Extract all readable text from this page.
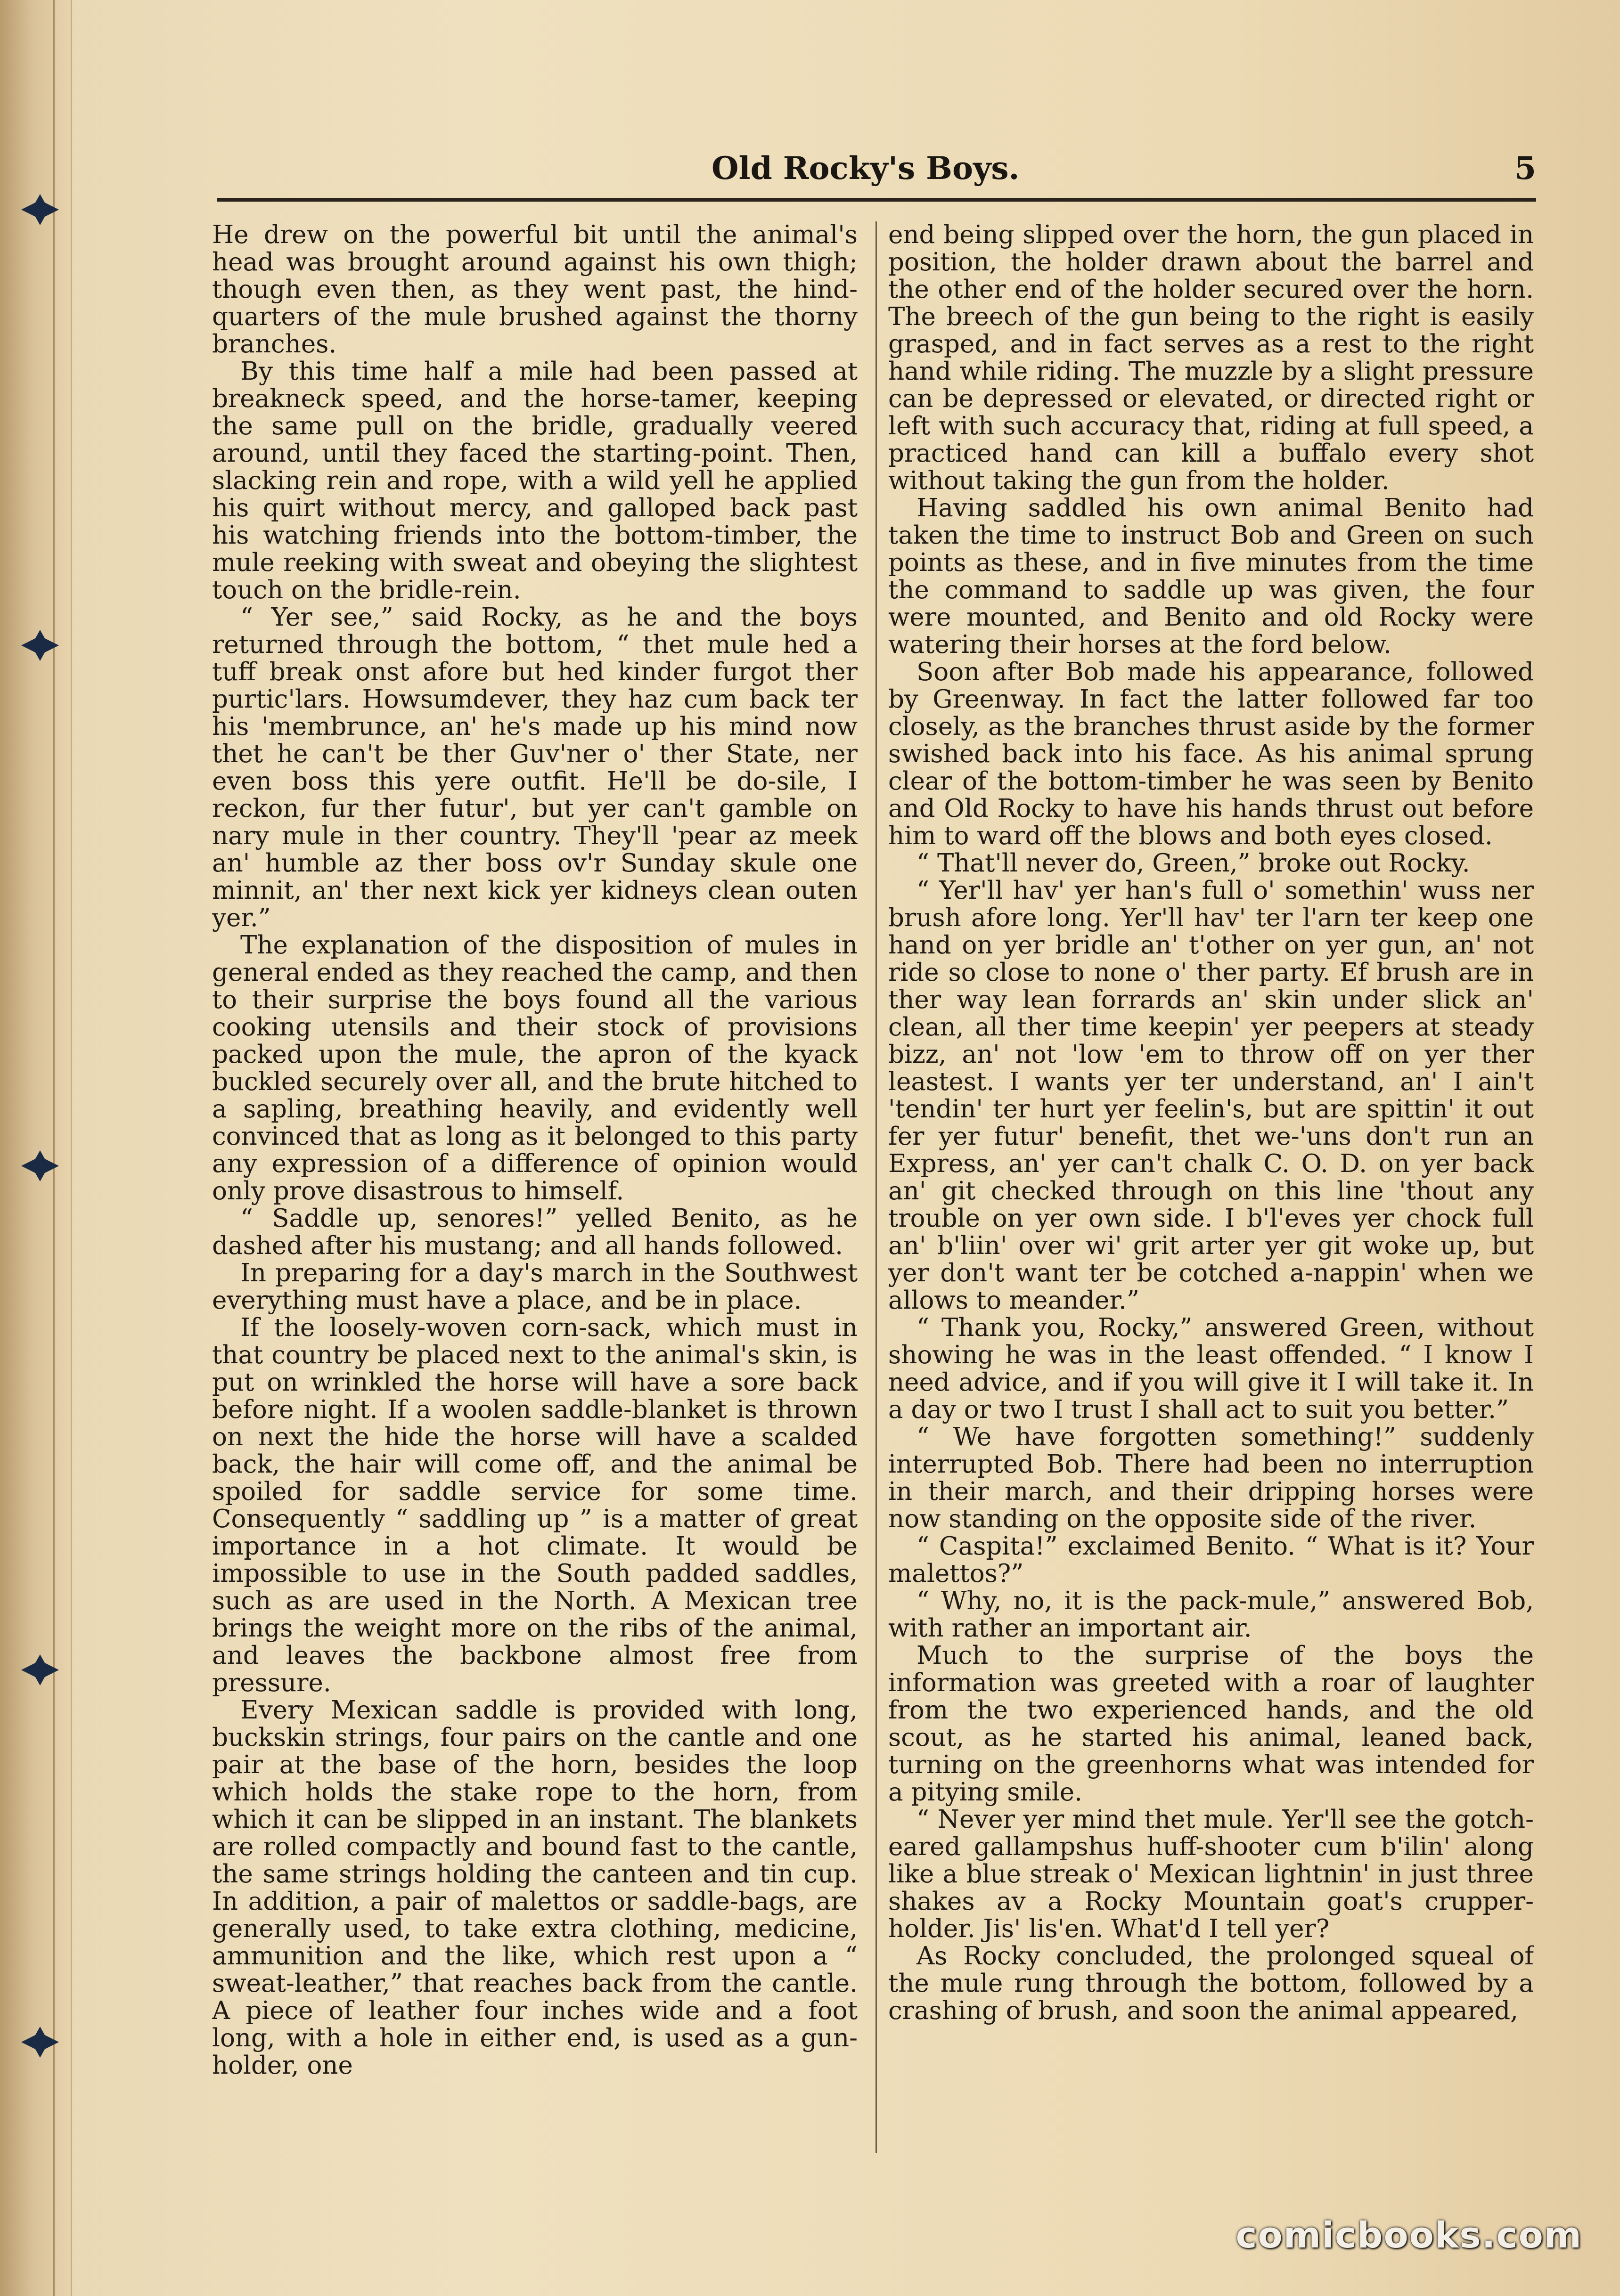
Old Rocky's Boys.	5

He drew on the powerful bit until the animal's head was brought around against his own thigh; though even then, as they went past, the hind-quarters of the mule brushed against the thorny branches.

By this time half a mile had been passed at breakneck speed, and the horse-tamer, keeping the same pull on the bridle, gradually veered around, until they faced the starting-point. Then, slacking rein and rope, with a wild yell he applied his quirt without mercy, and galloped back past his watching friends into the bottom-timber, the mule reeking with sweat and obeying the slightest touch on the bridle-rein.

“ Yer see,” said Rocky, as he and the boys returned through the bottom, “ thet mule hed a tuff break onst afore but hed kinder furgot ther purtic'lars. Howsumdever, they haz cum back ter his 'membrunce, an' he's made up his mind now thet he can't be ther Guv'ner o' ther State, ner even boss this yere outfit. He'll be do-sile, I reckon, fur ther futur', but yer can't gamble on nary mule in ther country. They'll 'pear az meek an' humble az ther boss ov'r Sunday skule one minnit, an' ther next kick yer kidneys clean outen yer.”

The explanation of the disposition of mules in general ended as they reached the camp, and then to their surprise the boys found all the various cooking utensils and their stock of provisions packed upon the mule, the apron of the kyack buckled securely over all, and the brute hitched to a sapling, breathing heavily, and evidently well convinced that as long as it belonged to this party any expression of a difference of opinion would only prove disastrous to himself.

“ Saddle up, senores!” yelled Benito, as he dashed after his mustang; and all hands followed.

In preparing for a day's march in the Southwest everything must have a place, and be in place.

If the loosely-woven corn-sack, which must in that country be placed next to the animal's skin, is put on wrinkled the horse will have a sore back before night. If a woolen saddle-blanket is thrown on next the hide the horse will have a scalded back, the hair will come off, and the animal be spoiled for saddle service for some time. Consequently “ saddling up ” is a matter of great importance in a hot climate. It would be impossible to use in the South padded saddles, such as are used in the North. A Mexican tree brings the weight more on the ribs of the animal, and leaves the backbone almost free from pressure.

Every Mexican saddle is provided with long, buckskin strings, four pairs on the cantle and one pair at the base of the horn, besides the loop which holds the stake rope to the horn, from which it can be slipped in an instant. The blankets are rolled compactly and bound fast to the cantle, the same strings holding the canteen and tin cup. In addition, a pair of malettos or saddle-bags, are generally used, to take extra clothing, medicine, ammunition and the like, which rest upon a “ sweat-leather,” that reaches back from the cantle. A piece of leather four inches wide and a foot long, with a hole in either end, is used as a gun-holder, one

end being slipped over the horn, the gun placed in position, the holder drawn about the barrel and the other end of the holder secured over the horn. The breech of the gun being to the right is easily grasped, and in fact serves as a rest to the right hand while riding. The muzzle by a slight pressure can be depressed or elevated, or directed right or left with such accuracy that, riding at full speed, a practiced hand can kill a buffalo every shot without taking the gun from the holder.

Having saddled his own animal Benito had taken the time to instruct Bob and Green on such points as these, and in five minutes from the time the command to saddle up was given, the four were mounted, and Benito and old Rocky were watering their horses at the ford below.

Soon after Bob made his appearance, followed by Greenway. In fact the latter followed far too closely, as the branches thrust aside by the former swished back into his face. As his animal sprung clear of the bottom-timber he was seen by Benito and Old Rocky to have his hands thrust out before him to ward off the blows and both eyes closed.

“ That'll never do, Green,” broke out Rocky.

“ Yer'll hav' yer han's full o' somethin' wuss ner brush afore long. Yer'll hav' ter l'arn ter keep one hand on yer bridle an' t'other on yer gun, an' not ride so close to none o' ther party. Ef brush are in ther way lean forrards an' skin under slick an' clean, all ther time keepin' yer peepers at steady bizz, an' not 'low 'em to throw off on yer ther leastest. I wants yer ter understand, an' I ain't 'tendin' ter hurt yer feelin's, but are spittin' it out fer yer futur' benefit, thet we-'uns don't run an Express, an' yer can't chalk C. O. D. on yer back an' git checked through on this line 'thout any trouble on yer own side. I b'l'eves yer chock full an' b'liin' over wi' grit arter yer git woke up, but yer don't want ter be cotched a-nappin' when we allows to meander.”

“ Thank you, Rocky,” answered Green, without showing he was in the least offended. “ I know I need advice, and if you will give it I will take it. In a day or two I trust I shall act to suit you better.”

“ We have forgotten something!” suddenly interrupted Bob. There had been no interruption in their march, and their dripping horses were now standing on the opposite side of the river.

“ Caspita!” exclaimed Benito. “ What is it? Your malettos?”

“ Why, no, it is the pack-mule,” answered Bob, with rather an important air.

Much to the surprise of the boys the information was greeted with a roar of laughter from the two experienced hands, and the old scout, as he started his animal, leaned back, turning on the greenhorns what was intended for a pitying smile.

“ Never yer mind thet mule. Yer'll see the gotch-eared gallampshus huff-shooter cum b'ilin' along like a blue streak o' Mexican lightnin' in just three shakes av a Rocky Mountain goat's crupper-holder. Jis' lis'en. What'd I tell yer?

As Rocky concluded, the prolonged squeal of the mule rung through the bottom, followed by a crashing of brush, and soon the animal appeared,

comicbooks.com
